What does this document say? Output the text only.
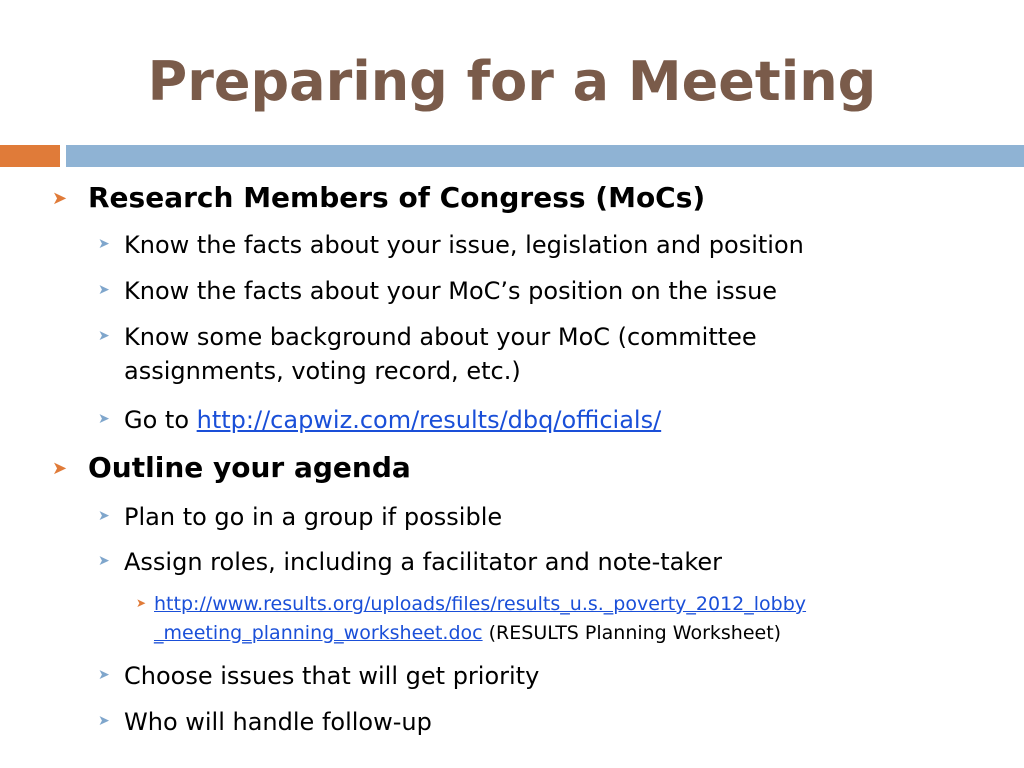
Preparing for a Meeting
➤ Research Members of Congress (MoCs)
➤ Know the facts about your issue, legislation and position
➤ Know the facts about your MoC’s position on the issue
➤ Know some background about your MoC (committee assignments, voting record, etc.)
➤ Go to http://capwiz.com/results/dbq/officials/
➤ Outline your agenda
➤ Plan to go in a group if possible
➤ Assign roles, including a facilitator and note-taker
➤ http://www.results.org/uploads/files/results_u.s._poverty_2012_lobby
_meeting_planning_worksheet.doc (RESULTS Planning Worksheet)
➤ Choose issues that will get priority
➤ Who will handle follow-up
